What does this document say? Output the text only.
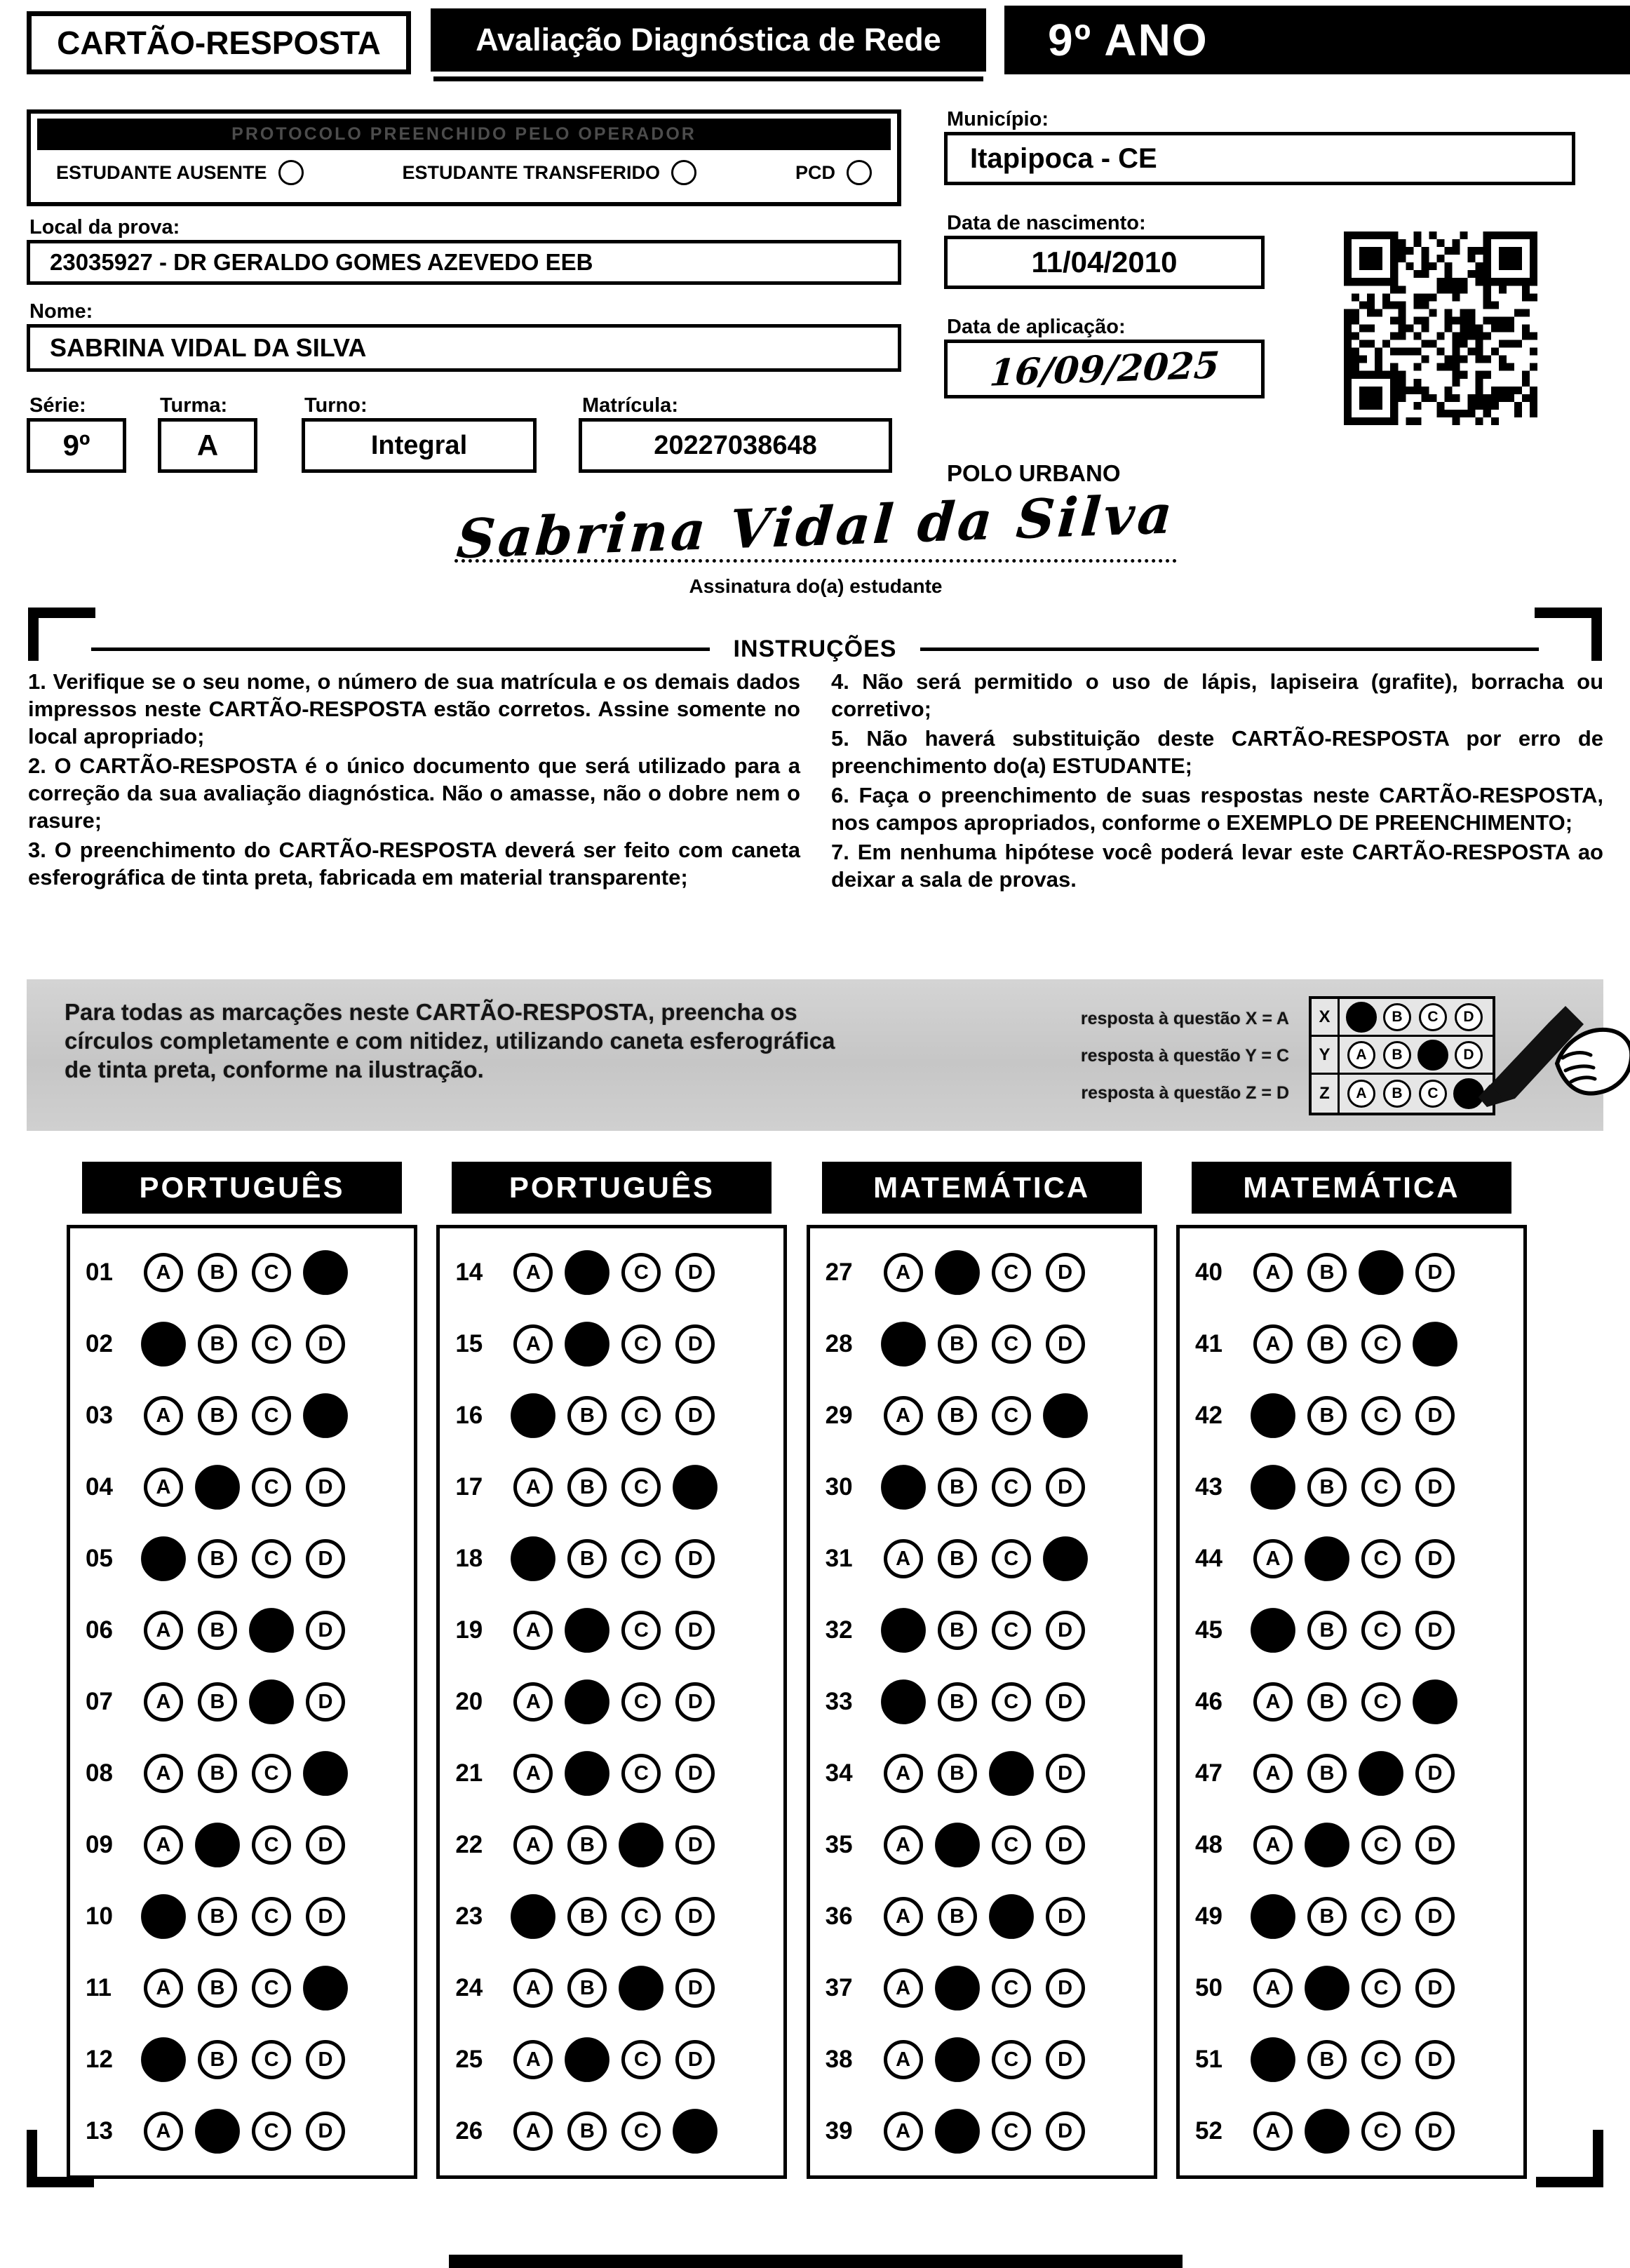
CARTÃO-RESPOSTA	Avaliação Diagnóstica de Rede	9º ANO
PROTOCOLO PREENCHIDO PELO OPERADOR
ESTUDANTE AUSENTE	ESTUDANTE TRANSFERIDO	PCD
Local da prova:
23035927 - DR GERALDO GOMES AZEVEDO EEB
Nome:
SABRINA VIDAL DA SILVA
Série:	Turma:	Turno:	Matrícula:
9º	A	Integral	20227038648
Município:
Itapipoca - CE
Data de nascimento:
11/04/2010
Data de aplicação:
16/09/2025
POLO URBANO
Sabrina Vidal da Silva
Assinatura do(a) estudante
INSTRUÇÕES

1. Verifique se o seu nome, o número de sua matrícula e os demais dados impressos neste CARTÃO-RESPOSTA estão corretos. Assine somente no local apropriado;

2. O CARTÃO-RESPOSTA é o único documento que será utilizado para a correção da sua avaliação diagnóstica. Não o amasse, não o dobre nem o rasure;

3. O preenchimento do CARTÃO-RESPOSTA deverá ser feito com caneta esferográfica de tinta preta, fabricada em material transparente;

4. Não será permitido o uso de lápis, lapiseira (grafite), borracha ou corretivo;

5. Não haverá substituição deste CARTÃO-RESPOSTA por erro de preenchimento do(a) ESTUDANTE;

6. Faça o preenchimento de suas respostas neste CARTÃO-RESPOSTA, nos campos apropriados, conforme o EXEMPLO DE PREENCHIMENTO;

7. Em nenhuma hipótese você poderá levar este CARTÃO-RESPOSTA ao deixar a sala de provas.

Para todas as marcações neste CARTÃO-RESPOSTA, preencha os círculos completamente e com nitidez, utilizando caneta esferográfica de tinta preta, conforme na ilustração.
resposta à questão X = A
resposta à questão Y = C
resposta à questão Z = D
X	B	C	D
Y	A	B	D
Z	A	B	C
PORTUGUÊS
01	A	B	C
02	B	C	D
03	A	B	C
04	A	C	D
05	B	C	D
06	A	B	D
07	A	B	D
08	A	B	C
09	A	C	D
10	B	C	D
11	A	B	C
12	B	C	D
13	A	C	D
PORTUGUÊS
14	A	C	D
15	A	C	D
16	B	C	D
17	A	B	C
18	B	C	D
19	A	C	D
20	A	C	D
21	A	C	D
22	A	B	D
23	B	C	D
24	A	B	D
25	A	C	D
26	A	B	C
MATEMÁTICA
27	A	C	D
28	B	C	D
29	A	B	C
30	B	C	D
31	A	B	C
32	B	C	D
33	B	C	D
34	A	B	D
35	A	C	D
36	A	B	D
37	A	C	D
38	A	C	D
39	A	C	D
MATEMÁTICA
40	A	B	D
41	A	B	C
42	B	C	D
43	B	C	D
44	A	C	D
45	B	C	D
46	A	B	C
47	A	B	D
48	A	C	D
49	B	C	D
50	A	C	D
51	B	C	D
52	A	C	D
